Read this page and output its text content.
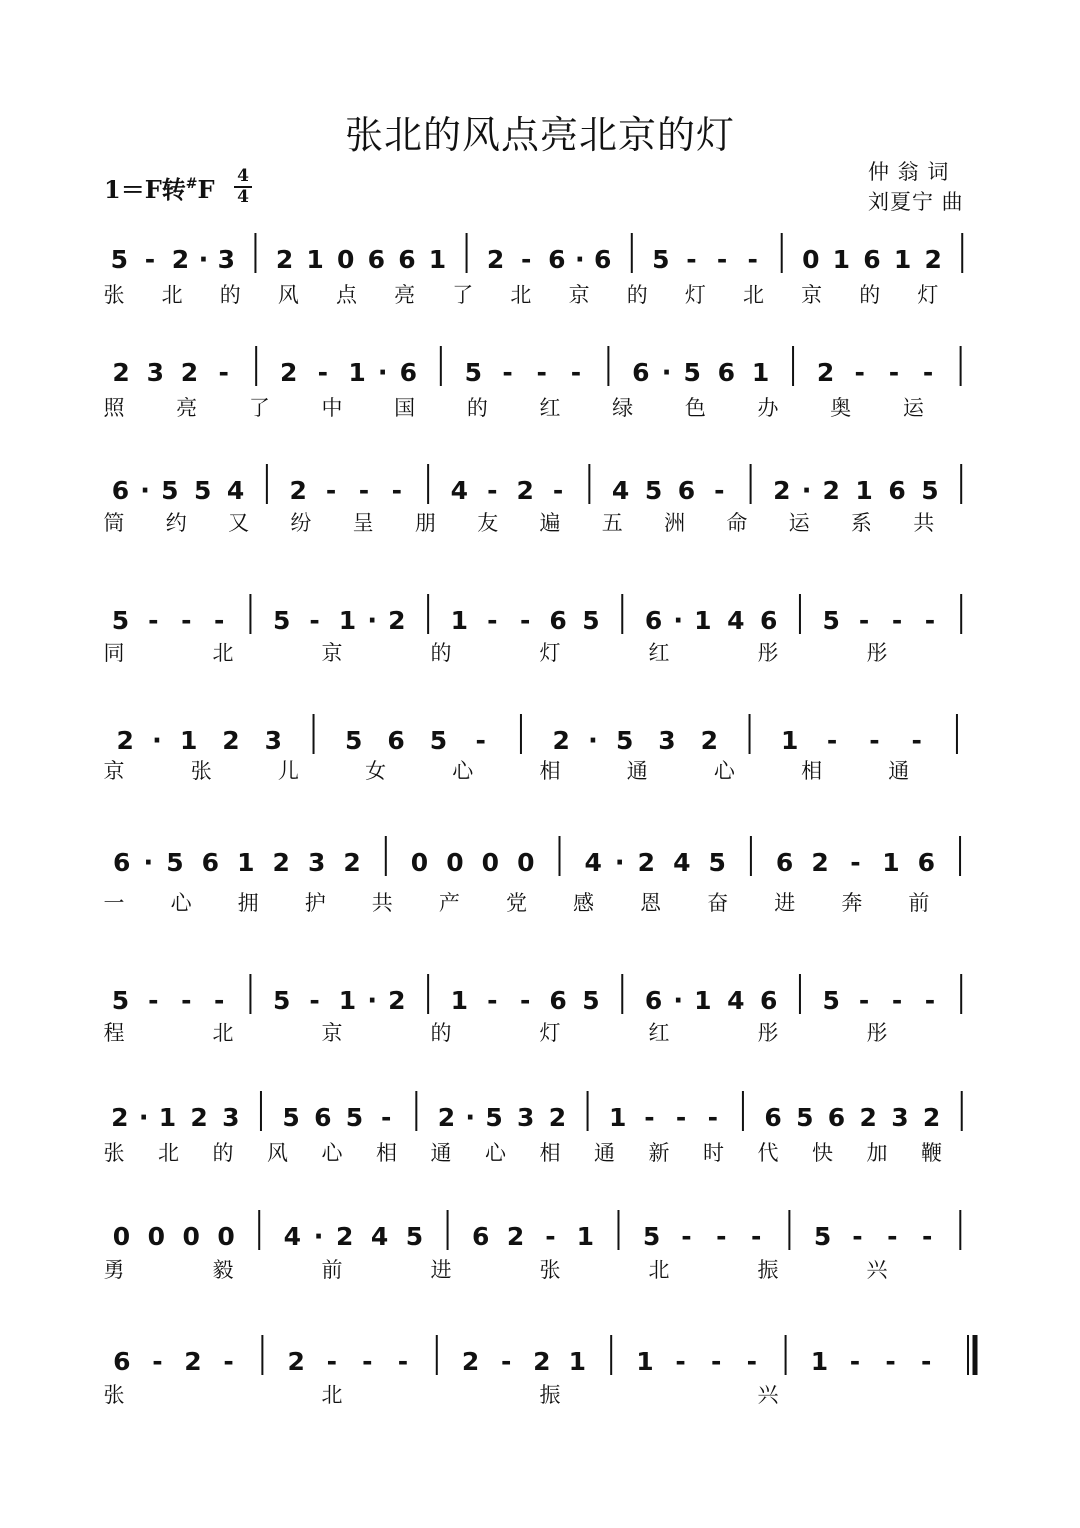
张北的风点亮北京的灯
1＝F转#F 4
4
仲 翁 词
刘夏宁 曲
5 - 2 · 3 2 1 0 6 6 1 2 - 6 · 6 5 - - - 0 1 6 1 2
张 北 的 风 点 亮 了 北 京 的 灯 北 京 的 灯
2 3 2 - 2 - 1 · 6 5 - - - 6 · 5 6 1 2 - - -
照 亮 了 中 国 的 红 绿 色 办 奥 运
6 · 5 5 4 2 - - - 4 - 2 - 4 5 6 - 2 · 2 1 6 5
筒 约 又 纷 呈 朋 友 遍 五 洲 命 运 系 共
5 - - - 5 - 1 · 2 1 - - 6 5 6 · 1 4 6 5 - - -
同	北	京	的	灯	红	彤	彤
2 · 1 2 3	5 6 5 -	2 · 5 3 2	1 - - -
京	张	儿	女	心	相	通	心	相	通
6 · 5 6 1 2 3 2 0 0 0 0 4 · 2 4 5 6 2 - 1 6
一 心 拥 护 共 产 党 感 恩 奋 进 奔 前
5 - - - 5 - 1 · 2 1 - - 6 5 6 · 1 4 6 5 - - -
程	北	京	的	灯	红	彤	彤
2 · 1 2 3 5 6 5 - 2 · 5 3 2 1 - - - 6 5 6 2 3 2
张 北 的 风 心 相 通 心 相 通 新 时 代 快 加 鞭
0 0 0 0 4 · 2 4 5 6 2 - 1 5 - - - 5 - - -
勇	毅	前	进	张	北	振	兴
6 - 2 - 2 - - - 2 - 2 1 1 - - - 1 - - -
张	北	振	兴
